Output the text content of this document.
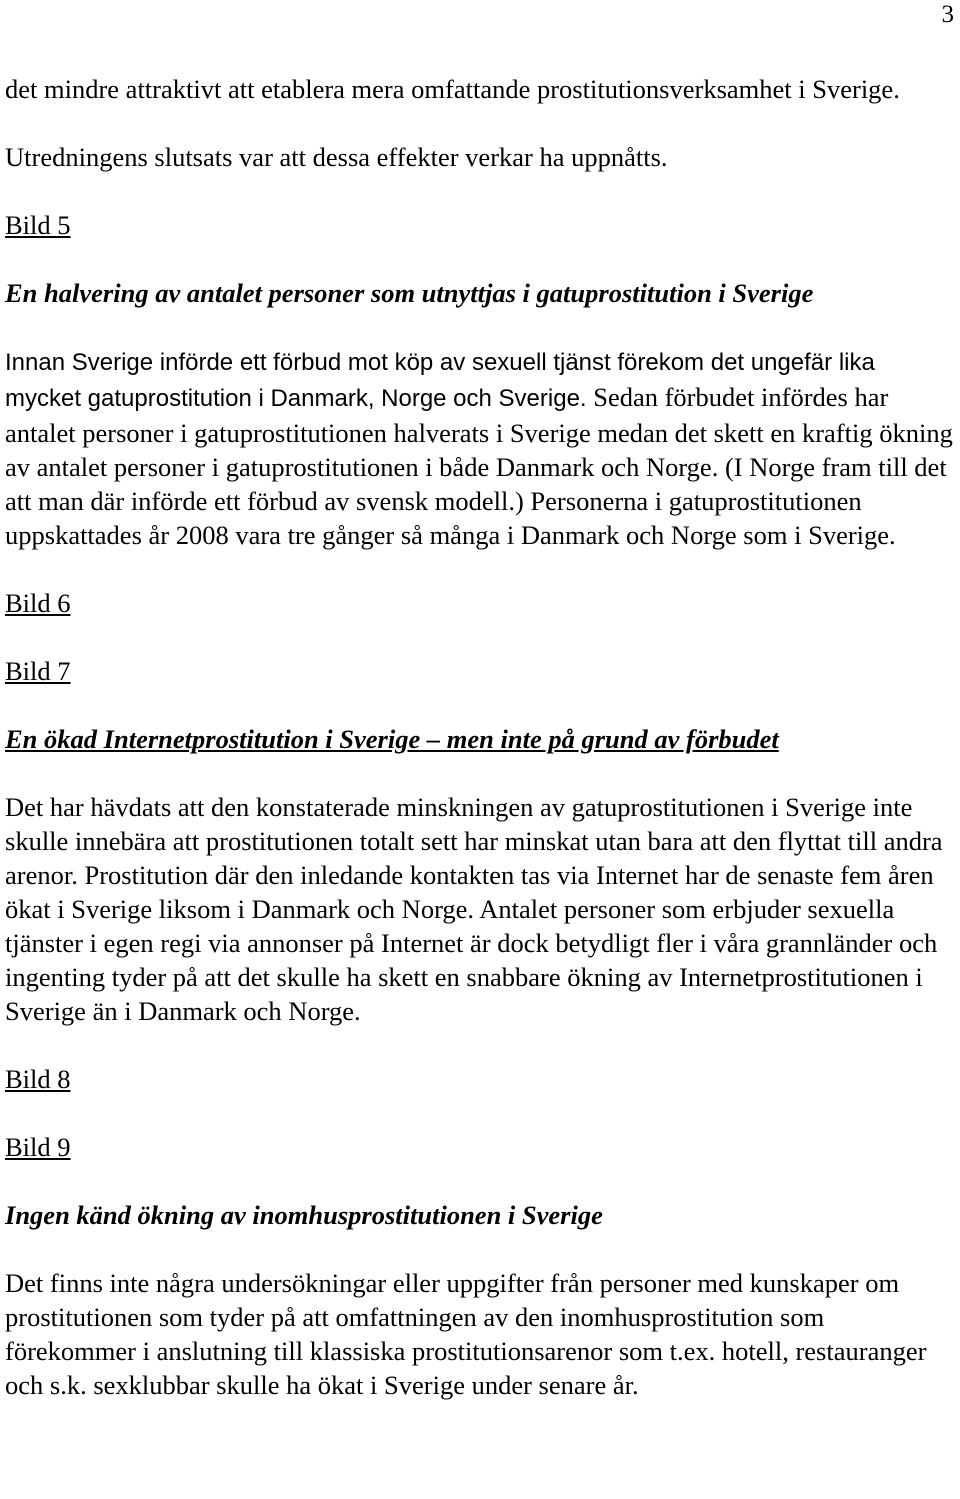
3

det mindre attraktivt att etablera mera omfattande prostitutionsverksamhet i Sverige.

Utredningens slutsats var att dessa effekter verkar ha uppnåtts.

Bild 5

En halvering av antalet personer som utnyttjas i gatuprostitution i Sverige

Innan Sverige införde ett förbud mot köp av sexuell tjänst förekom det ungefär lika mycket gatuprostitution i Danmark, Norge och Sverige. Sedan förbudet infördes har antalet personer i gatuprostitutionen halverats i Sverige medan det skett en kraftig ökning av antalet personer i gatuprostitutionen i både Danmark och Norge. (I Norge fram till det att man där införde ett förbud av svensk modell.) Personerna i gatuprostitutionen uppskattades år 2008 vara tre gånger så många i Danmark och Norge som i Sverige.

Bild 6

Bild 7

En ökad Internetprostitution i Sverige – men inte på grund av förbudet

Det har hävdats att den konstaterade minskningen av gatuprostitutionen i Sverige inte skulle innebära att prostitutionen totalt sett har minskat utan bara att den flyttat till andra arenor. Prostitution där den inledande kontakten tas via Internet har de senaste fem åren ökat i Sverige liksom i Danmark och Norge. Antalet personer som erbjuder sexuella tjänster i egen regi via annonser på Internet är dock betydligt fler i våra grannländer och ingenting tyder på att det skulle ha skett en snabbare ökning av Internetprostitutionen i Sverige än i Danmark och Norge.

Bild 8

Bild 9

Ingen känd ökning av inomhusprostitutionen i Sverige

Det finns inte några undersökningar eller uppgifter från personer med kunskaper om prostitutionen som tyder på att omfattningen av den inomhusprostitution som förekommer i anslutning till klassiska prostitutionsarenor som t.ex. hotell, restauranger och s.k. sexklubbar skulle ha ökat i Sverige under senare år.
